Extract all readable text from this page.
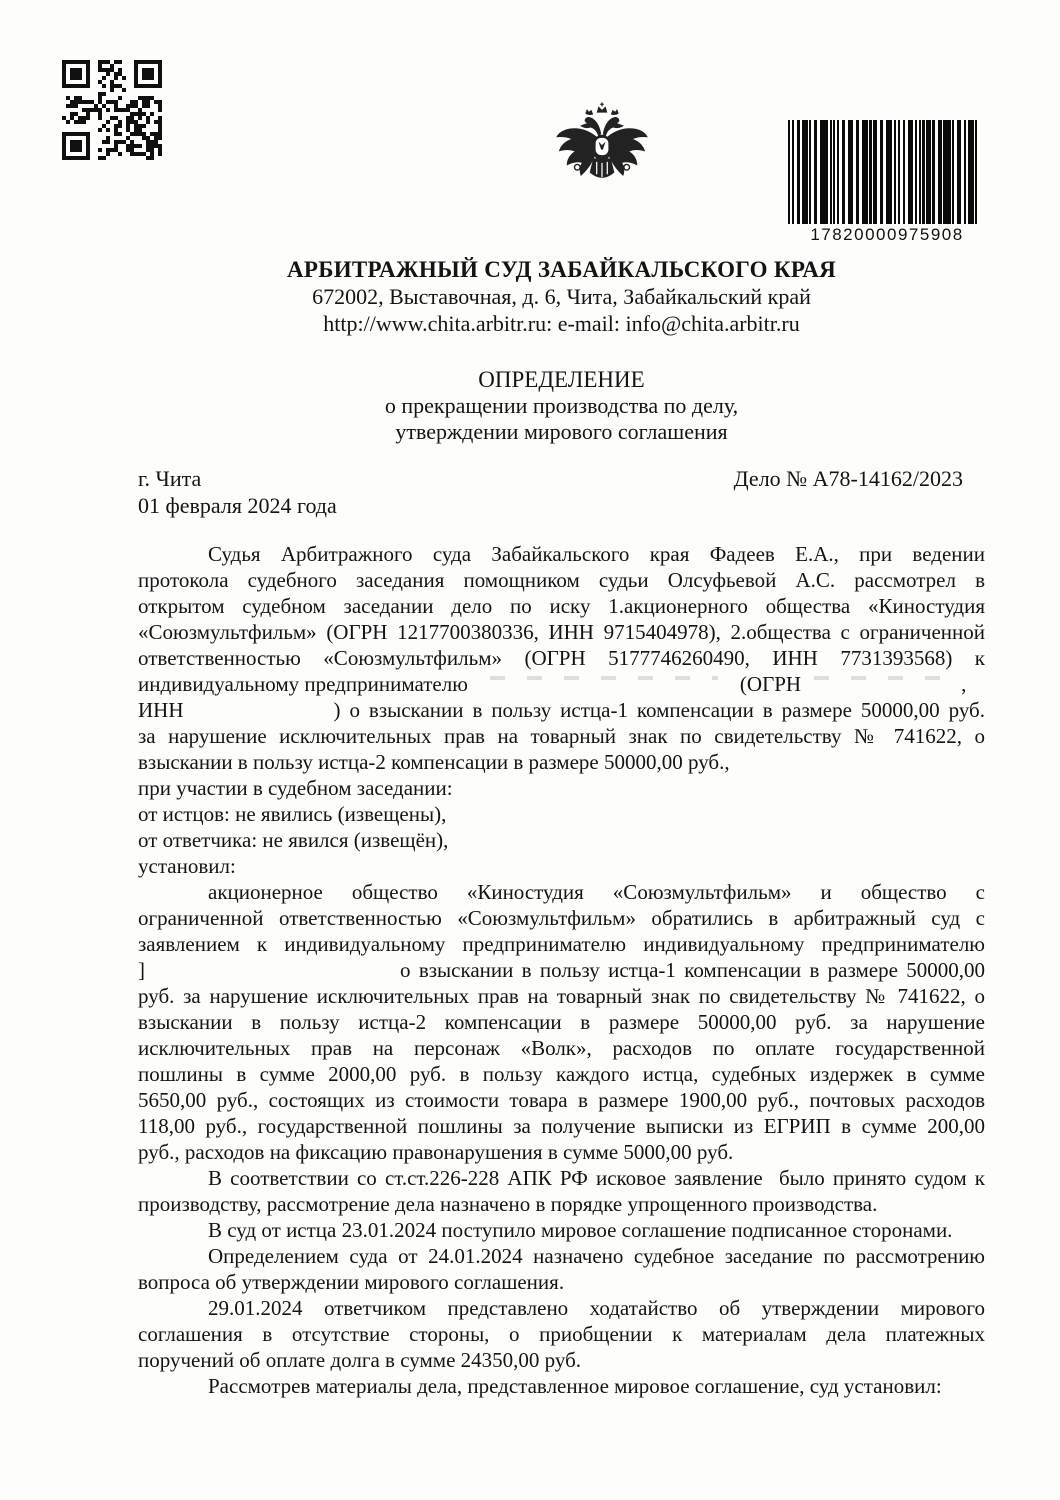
17820000975908
АРБИТРАЖНЫЙ СУД ЗАБАЙКАЛЬСКОГО КРАЯ
672002, Выставочная, д. 6, Чита, Забайкальский край
http://www.chita.arbitr.ru: e-mail: info@chita.arbitr.ru
ОПРЕДЕЛЕНИЕ
о прекращении производства по делу,
утверждении мирового соглашения
г. Чита	Дело № А78-14162/2023
01 февраля 2024 года
Судья Арбитражного суда Забайкальского края Фадеев Е.А., при ведении
протокола судебного заседания помощником судьи Олсуфьевой А.С. рассмотрел в
открытом судебном заседании дело по иску 1.акционерного общества «Киностудия
«Союзмультфильм» (ОГРН 1217700380336, ИНН 9715404978), 2.общества с ограниченной
ответственностью «Союзмультфильм» (ОГРН 5177746260490, ИНН 7731393568) к
индивидуальному предпринимателю	(ОГРН	,
ИНН	) о взыскании в пользу истца-1 компенсации в размере 50000,00 руб.
за нарушение исключительных прав на товарный знак по свидетельству № 741622, о
взыскании в пользу истца-2 компенсации в размере 50000,00 руб.,
при участии в судебном заседании:
от истцов: не явились (извещены),
от ответчика: не явился (извещён),
установил:
акционерное общество «Киностудия «Союзмультфильм» и общество с
ограниченной ответственностью «Союзмультфильм» обратились в арбитражный суд с
заявлением к индивидуальному предпринимателю индивидуальному предпринимателю
]	о взыскании в пользу истца-1 компенсации в размере 50000,00
руб. за нарушение исключительных прав на товарный знак по свидетельству № 741622, о
взыскании в пользу истца-2 компенсации в размере 50000,00 руб. за нарушение
исключительных прав на персонаж «Волк», расходов по оплате государственной
пошлины в сумме 2000,00 руб. в пользу каждого истца, судебных издержек в сумме
5650,00 руб., состоящих из стоимости товара в размере 1900,00 руб., почтовых расходов
118,00 руб., государственной пошлины за получение выписки из ЕГРИП в сумме 200,00
руб., расходов на фиксацию правонарушения в сумме 5000,00 руб.
В соответствии со ст.ст.226-228 АПК РФ исковое заявление  было принято судом к
производству, рассмотрение дела назначено в порядке упрощенного производства.
В суд от истца 23.01.2024 поступило мировое соглашение подписанное сторонами.
Определением суда от 24.01.2024 назначено судебное заседание по рассмотрению
вопроса об утверждении мирового соглашения.
29.01.2024 ответчиком представлено ходатайство об утверждении мирового
соглашения в отсутствие стороны, о приобщении к материалам дела платежных
поручений об оплате долга в сумме 24350,00 руб.
Рассмотрев материалы дела, представленное мировое соглашение, суд установил:
